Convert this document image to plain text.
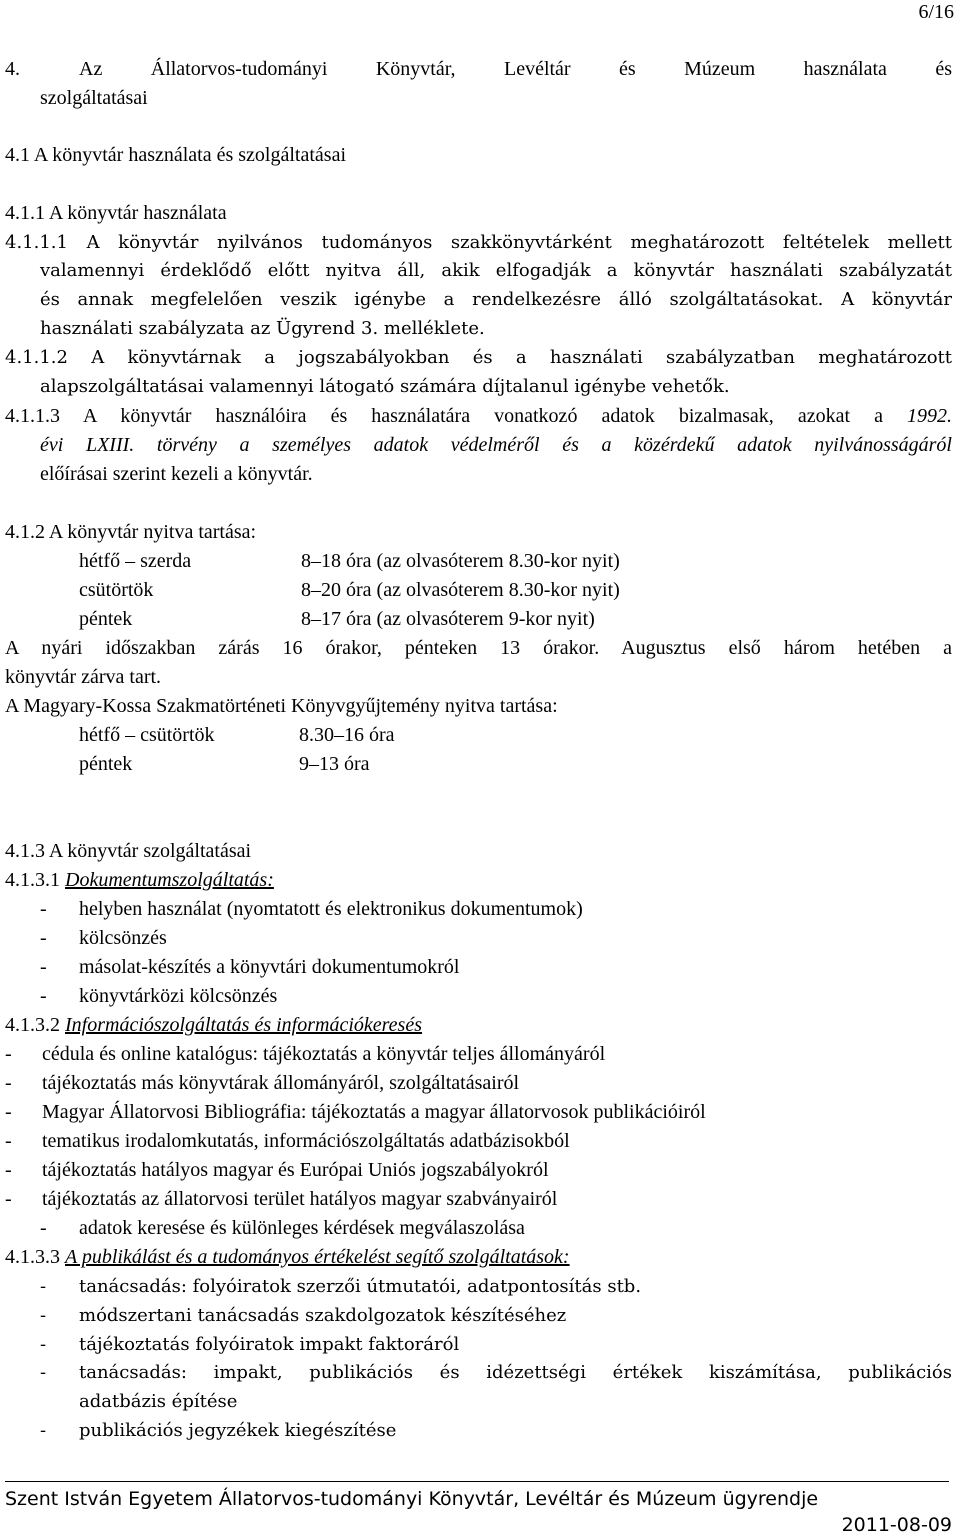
6/16
4.	Az Állatorvos-tudományi Könyvtár, Levéltár és Múzeum használata és
szolgáltatásai
4.1 A könyvtár használata és szolgáltatásai
4.1.1 A könyvtár használata
4.1.1.1 A könyvtár nyilvános tudományos szakkönyvtárként meghatározott feltételek mellett
valamennyi érdeklődő előtt nyitva áll, akik elfogadják a könyvtár használati szabályzatát
és annak megfelelően veszik igénybe a rendelkezésre álló szolgáltatásokat. A könyvtár
használati szabályzata az Ügyrend 3. melléklete.
4.1.1.2 A könyvtárnak a jogszabályokban és a használati szabályzatban meghatározott
alapszolgáltatásai valamennyi látogató számára díjtalanul igénybe vehetők.
4.1.1.3 A könyvtár használóira és használatára vonatkozó adatok bizalmasak, azokat a 1992.
évi LXIII. törvény a személyes adatok védelméről és a közérdekű adatok nyilvánosságáról
előírásai szerint kezeli a könyvtár.
4.1.2 A könyvtár nyitva tartása:
hétfő – szerda	8–18 óra (az olvasóterem 8.30-kor nyit)
csütörtök	8–20 óra (az olvasóterem 8.30-kor nyit)
péntek	8–17 óra (az olvasóterem 9-kor nyit)
A nyári időszakban zárás 16 órakor, pénteken 13 órakor. Augusztus első három hetében a
könyvtár zárva tart.
A Magyary-Kossa Szakmatörténeti Könyvgyűjtemény nyitva tartása:
hétfő – csütörtök	8.30–16 óra
péntek	9–13 óra
4.1.3 A könyvtár szolgáltatásai
4.1.3.1 Dokumentumszolgáltatás:
- helyben használat (nyomtatott és elektronikus dokumentumok)
- kölcsönzés
- másolat-készítés a könyvtári dokumentumokról
- könyvtárközi kölcsönzés
4.1.3.2 Információszolgáltatás és információkeresés
- cédula és online katalógus: tájékoztatás a könyvtár teljes állományáról
- tájékoztatás más könyvtárak állományáról, szolgáltatásairól
- Magyar Állatorvosi Bibliográfia: tájékoztatás a magyar állatorvosok publikációiról
- tematikus irodalomkutatás, információszolgáltatás adatbázisokból
- tájékoztatás hatályos magyar és Európai Uniós jogszabályokról
- tájékoztatás az állatorvosi terület hatályos magyar szabványairól
- adatok keresése és különleges kérdések megválaszolása
4.1.3.3 A publikálást és a tudományos értékelést segítő szolgáltatások:
- tanácsadás: folyóiratok szerzői útmutatói, adatpontosítás stb.
- módszertani tanácsadás szakdolgozatok készítéséhez
- tájékoztatás folyóiratok impakt faktoráról
- tanácsadás: impakt, publikációs és idézettségi értékek kiszámítása, publikációs
adatbázis építése
- publikációs jegyzékek kiegészítése
Szent István Egyetem Állatorvos-tudományi Könyvtár, Levéltár és Múzeum ügyrendje
2011-08-09
